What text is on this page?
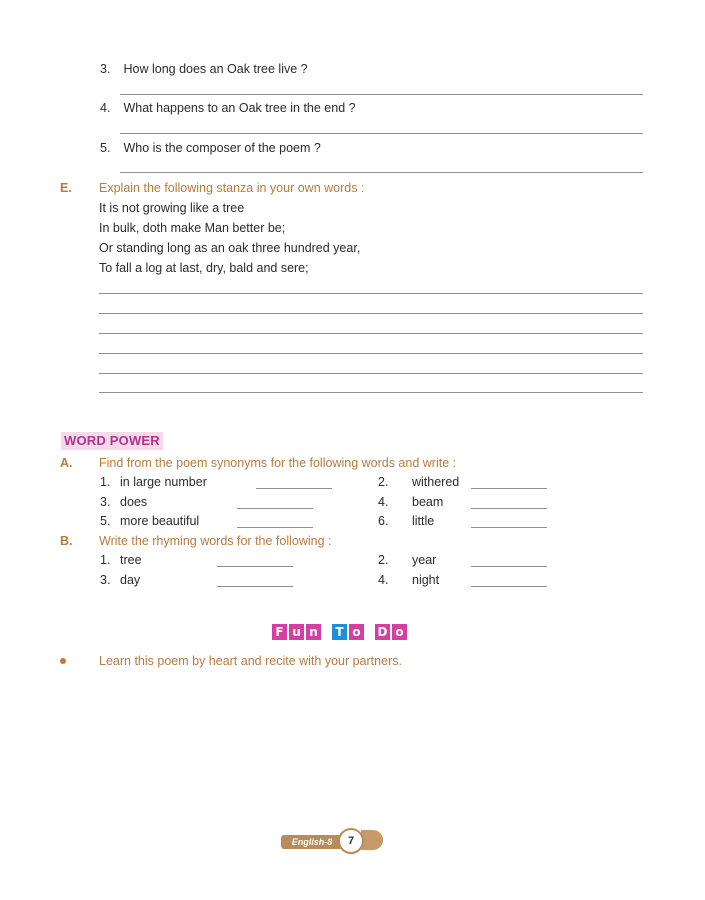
3. How long does an Oak tree live ?
4. What happens to an Oak tree in the end ?
5. Who is the composer of the poem ?
E. Explain the following stanza in your own words :
It is not growing like a tree
In bulk, doth make Man better be;
Or standing long as an oak three hundred year,
To fall a log at last, dry, bald and sere;
WORD POWER
A. Find from the poem synonyms for the following words and write :
1. in large number	2. withered
3. does	4. beam
5. more beautiful	6. little
B. Write the rhyming words for the following :
1. tree	2. year
3. day	4. night
F u n	T o	D o
Learn this poem by heart and recite with your partners.
English-8	7
